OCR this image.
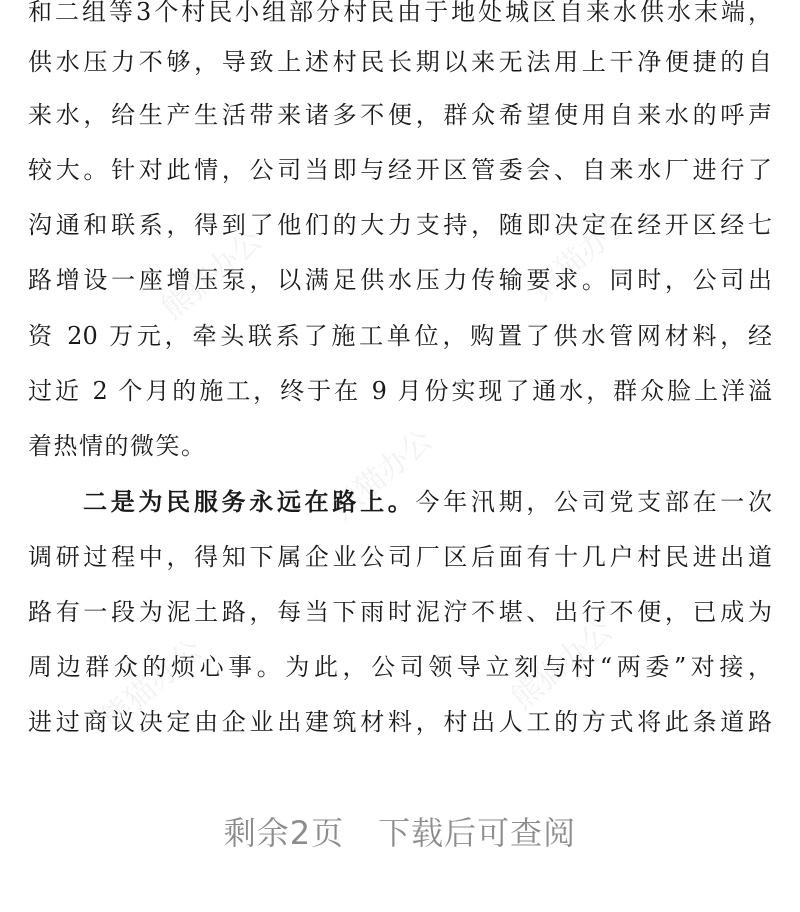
熊猫办公	熊猫办公
熊猫办公
熊猫办公	熊猫办公
和二组等3个村民小组部分村民由于地处城区自来水供水末端，
供水压力不够，导致上述村民长期以来无法用上干净便捷的自
来水，给生产生活带来诸多不便，群众希望使用自来水的呼声
较大。针对此情，公司当即与经开区管委会、自来水厂进行了
沟通和联系，得到了他们的大力支持，随即决定在经开区经七
路增设一座增压泵，以满足供水压力传输要求。同时，公司出
资 20 万元，牵头联系了施工单位，购置了供水管网材料，经
过近 2 个月的施工，终于在 9 月份实现了通水，群众脸上洋溢
着热情的微笑。
二是为民服务永远在路上。今年汛期，公司党支部在一次
调研过程中，得知下属企业公司厂区后面有十几户村民进出道
路有一段为泥土路，每当下雨时泥泞不堪、出行不便，已成为
周边群众的烦心事。为此，公司领导立刻与村“两委”对接，
进过商议决定由企业出建筑材料，村出人工的方式将此条道路
剩余2页 下载后可查阅
